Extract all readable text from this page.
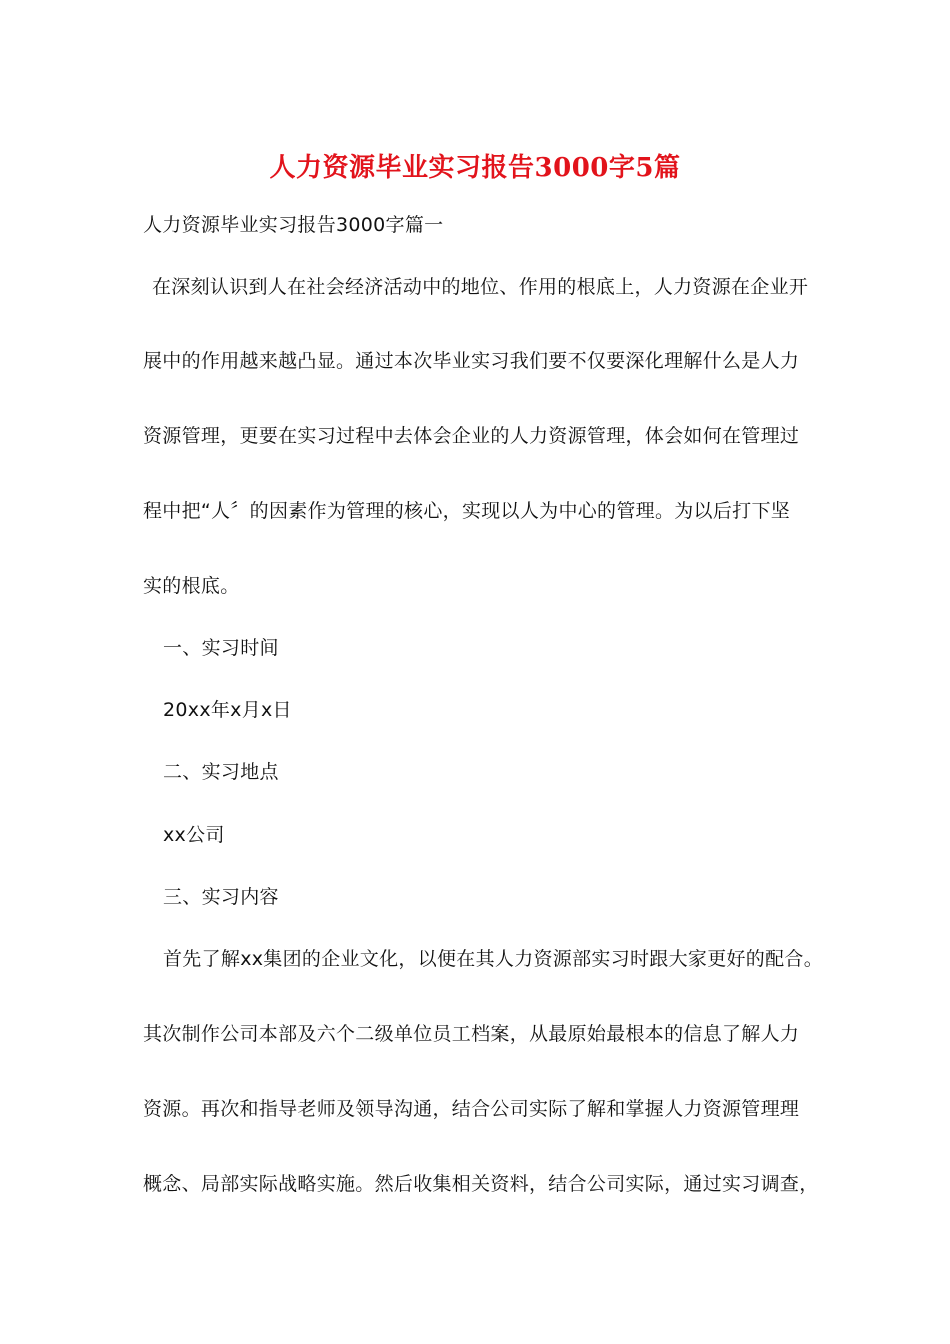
人力资源毕业实习报告3000字5篇
人力资源毕业实习报告3000字篇一
在深刻认识到人在社会经济活动中的地位、作用的根底上，人力资源在企业开
展中的作用越来越凸显。通过本次毕业实习我们要不仅要深化理解什么是人力
资源管理，更要在实习过程中去体会企业的人力资源管理，体会如何在管理过
程中把“人〞的因素作为管理的核心，实现以人为中心的管理。为以后打下坚
实的根底。
一、实习时间
20xx年x月x日
二、实习地点
xx公司
三、实习内容
首先了解xx集团的企业文化，以便在其人力资源部实习时跟大家更好的配合。
其次制作公司本部及六个二级单位员工档案，从最原始最根本的信息了解人力
资源。再次和指导老师及领导沟通，结合公司实际了解和掌握人力资源管理理
概念、局部实际战略实施。然后收集相关资料，结合公司实际，通过实习调查，
